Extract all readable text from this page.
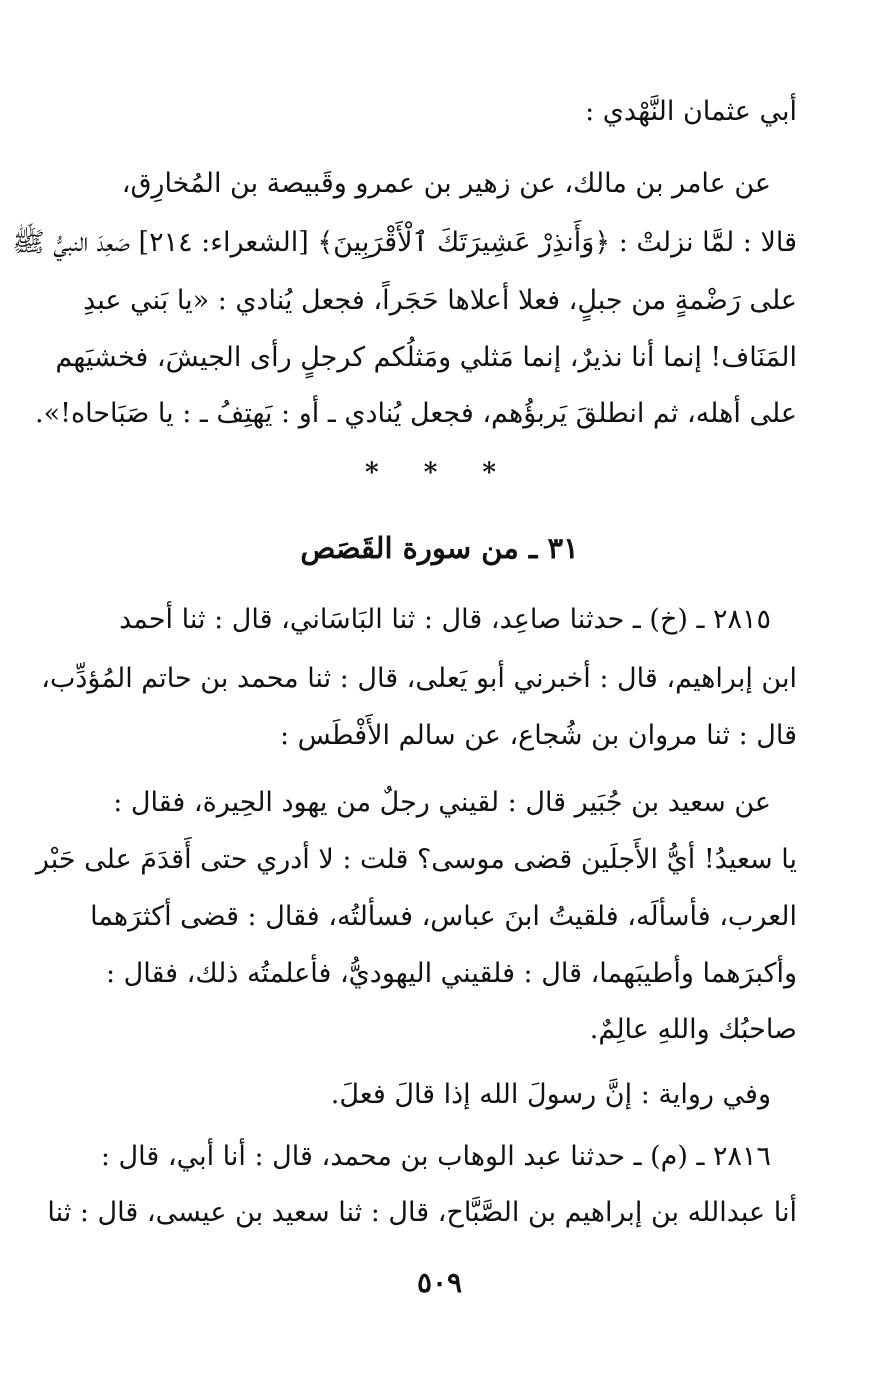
أبي عثمان النَّهْدي :
عن عامر بن مالك، عن زهير بن عمرو وقَبيصة بن المُخارِق،
قالا : لمَّا نزلتْ : ﴿وَأَنذِرْ عَشِيرَتَكَ ٱلْأَقْرَبِينَ﴾ [الشعراء: ٢١٤] صَعِدَ النبيُّ ﷺ
على رَضْمةٍ من جبلٍ، فعلا أعلاها حَجَراً، فجعل يُنادي : «يا بَني عبدِ
المَنَاف! إنما أنا نذيرٌ، إنما مَثلي ومَثلُكم كرجلٍ رأى الجيشَ، فخشيَهم
على أهله، ثم انطلقَ يَربؤُهم، فجعل يُنادي ـ أو : يَهتِفُ ـ : يا صَبَاحاه!».
* * *
٣١ ـ من سورة القَصَص
٢٨١٥ ـ (خ) ـ حدثنا صاعِد، قال : ثنا البَاسَاني، قال : ثنا أحمد
ابن إبراهيم، قال : أخبرني أبو يَعلى، قال : ثنا محمد بن حاتم المُؤدِّب،
قال : ثنا مروان بن شُجاع، عن سالم الأَفْطَس :
عن سعيد بن جُبَير قال : لقيني رجلٌ من يهود الحِيرة، فقال :
يا سعيدُ! أيُّ الأَجلَين قضى موسى؟ قلت : لا أدري حتى أَقدَمَ على حَبْر
العرب، فأسألَه، فلقيتُ ابنَ عباس، فسألتُه، فقال : قضى أكثرَهما
وأكبرَهما وأطيبَهما، قال : فلقيني اليهوديُّ، فأعلمتُه ذلك، فقال :
صاحبُك واللهِ عالِمٌ.
وفي رواية : إنَّ رسولَ الله إذا قالَ فعلَ.
٢٨١٦ ـ (م) ـ حدثنا عبد الوهاب بن محمد، قال : أنا أبي، قال :
أنا عبدالله بن إبراهيم بن الصَّبَّاح، قال : ثنا سعيد بن عيسى، قال : ثنا
٥٠٩
